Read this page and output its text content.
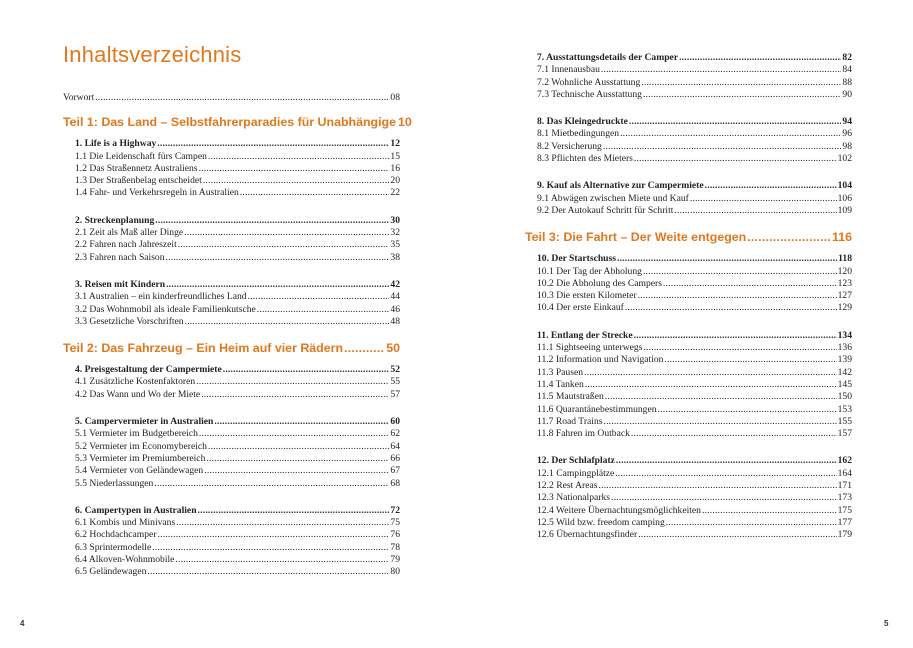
Inhaltsverzeichnis
Vorwort .....	08
Teil 1: Das Land – Selbstfahrerparadies für Unabhängige 10
1. Life is a Highway .....	12
1.1 Die Leidenschaft fürs Campen .....	15
1.2 Das Straßennetz Australiens .....	16
1.3 Der Straßenbelag entscheidet .....	20
1.4 Fahr- und Verkehrsregeln in Australien .....	22
2. Streckenplanung .....	30
2.1 Zeit als Maß aller Dinge .....	32
2.2 Fahren nach Jahreszeit .....	35
2.3 Fahren nach Saison .....	38
3. Reisen mit Kindern .....	42
3.1 Australien – ein kinderfreundliches Land .....	44
3.2 Das Wohnmobil als ideale Familienkutsche .....	46
3.3 Gesetzliche Vorschriften .....	48
Teil 2: Das Fahrzeug – Ein Heim auf vier Rädern .....	50
4. Preisgestaltung der Campermiete .....	52
4.1 Zusätzliche Kostenfaktoren .....	55
4.2 Das Wann und Wo der Miete .....	57
5. Campervermieter in Australien .....	60
5.1 Vermieter im Budgetbereich .....	62
5.2 Vermieter im Economybereich .....	64
5.3 Vermieter im Premiumbereich .....	66
5.4 Vermieter von Geländewagen .....	67
5.5 Niederlassungen .....	68
6. Campertypen in Australien .....	72
6.1 Kombis und Minivans .....	75
6.2 Hochdachcamper .....	76
6.3 Sprintermodelle .....	78
6.4 Alkoven-Wohnmobile .....	79
6.5 Geländewagen .....	80
7. Ausstattungsdetails der Camper .....	82
7.1 Innenausbau .....	84
7.2 Wohnliche Ausstattung .....	88
7.3 Technische Ausstattung .....	90
8. Das Kleingedruckte .....	94
8.1 Mietbedingungen .....	96
8.2 Versicherung .....	98
8.3 Pflichten des Mieters .....	102
9. Kauf als Alternative zur Campermiete .....	104
9.1 Abwägen zwischen Miete und Kauf .....	106
9.2 Der Autokauf Schritt für Schritt .....	109
Teil 3: Die Fahrt – Der Weite entgegen .....	116
10. Der Startschuss .....	118
10.1 Der Tag der Abholung .....	120
10.2 Die Abholung des Campers .....	123
10.3 Die ersten Kilometer .....	127
10.4 Der erste Einkauf .....	129
11. Entlang der Strecke .....	134
11.1 Sightseeing unterwegs .....	136
11.2 Information und Navigation .....	139
11.3 Pausen .....	142
11.4 Tanken .....	145
11.5 Mautstraßen .....	150
11.6 Quarantänebestimmungen .....	153
11.7 Road Trains .....	155
11.8 Fahren im Outback .....	157
12. Der Schlafplatz .....	162
12.1 Campingplätze .....	164
12.2 Rest Areas .....	171
12.3 Nationalparks .....	173
12.4 Weitere Übernachtungsmöglichkeiten .....	175
12.5 Wild bzw. freedom camping .....	177
12.6 Übernachtungsfinder .....	179
4	5
